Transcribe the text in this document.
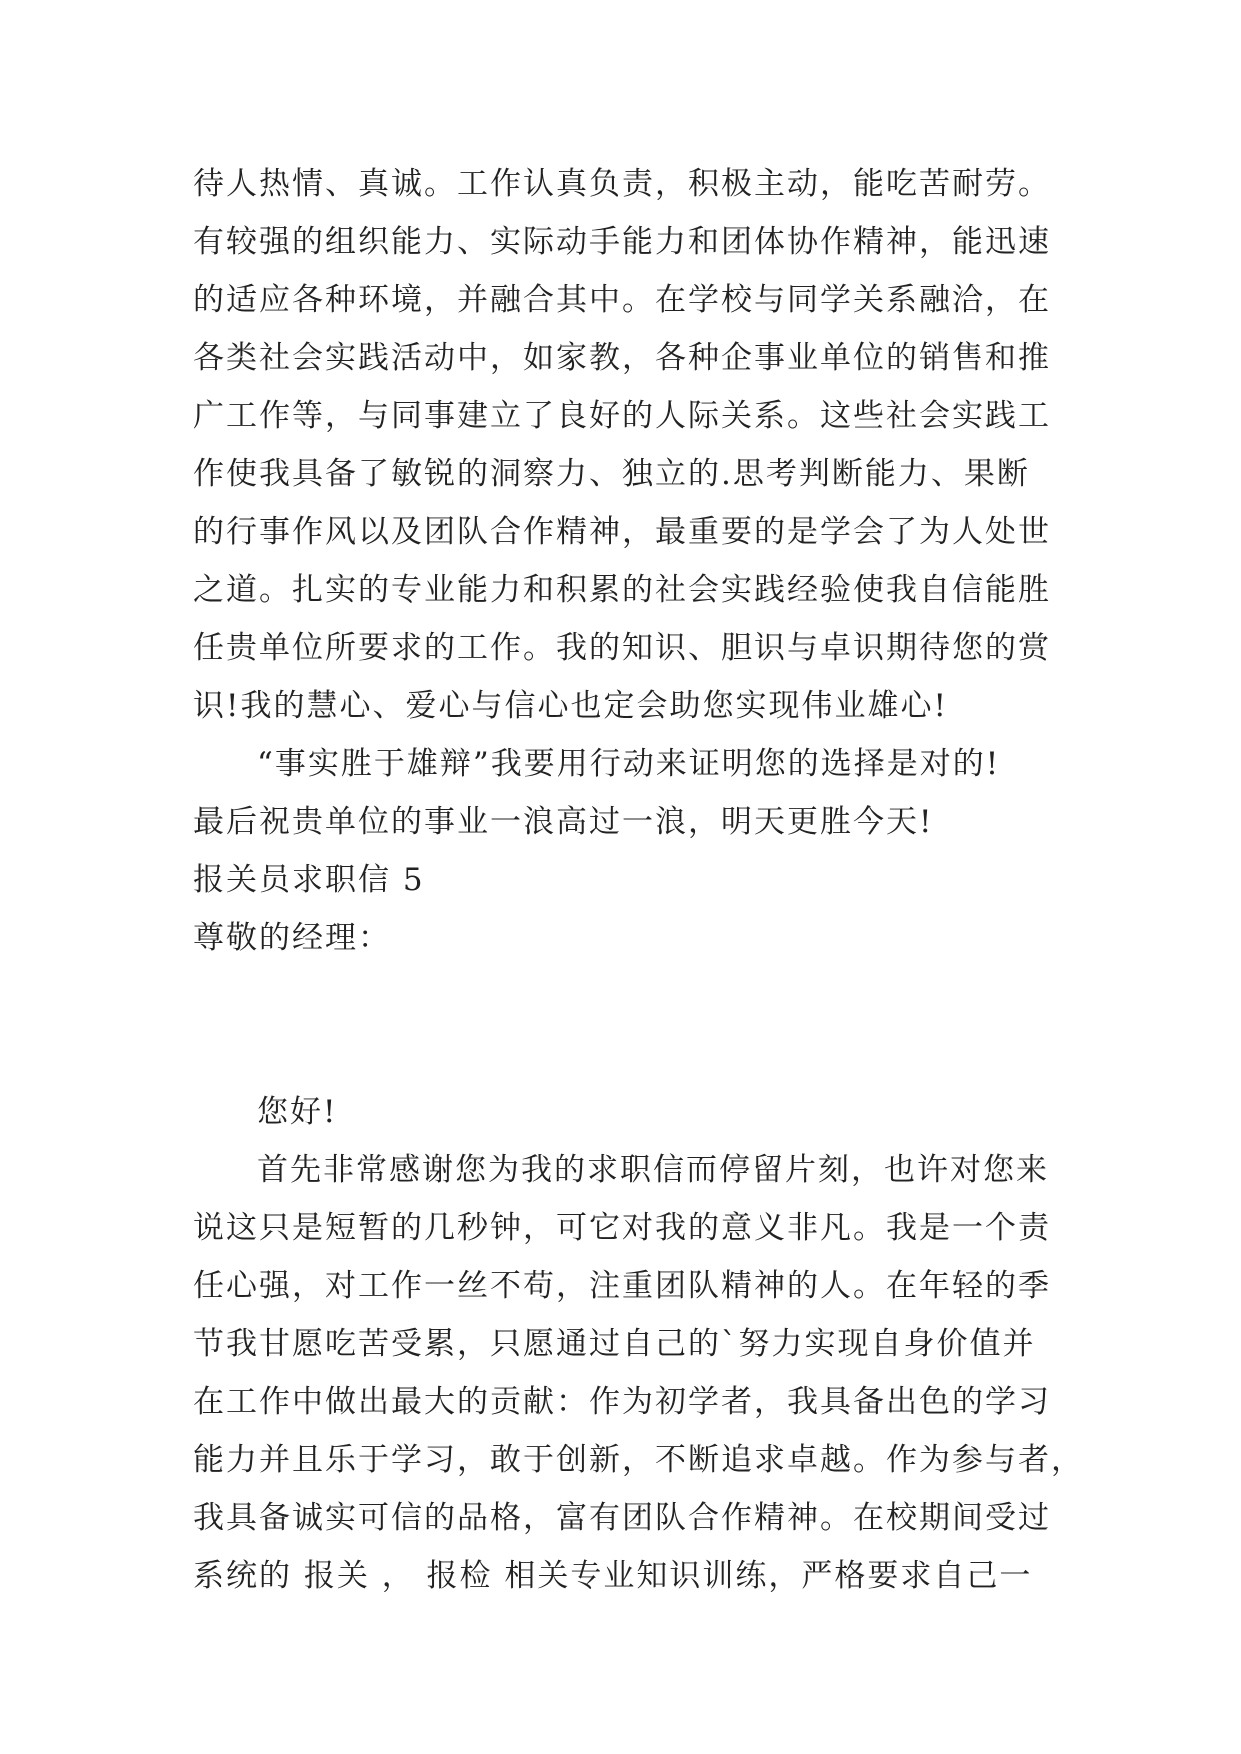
待人热情、真诚。工作认真负责，积极主动，能吃苦耐劳。
有较强的组织能力、实际动手能力和团体协作精神，能迅速
的适应各种环境，并融合其中。在学校与同学关系融洽，在
各类社会实践活动中，如家教，各种企事业单位的销售和推
广工作等，与同事建立了良好的人际关系。这些社会实践工
作使我具备了敏锐的洞察力、独立的.思考判断能力、果断
的行事作风以及团队合作精神，最重要的是学会了为人处世
之道。扎实的专业能力和积累的社会实践经验使我自信能胜
任贵单位所要求的工作。我的知识、胆识与卓识期待您的赏
识!我的慧心、爱心与信心也定会助您实现伟业雄心!
“事实胜于雄辩”我要用行动来证明您的选择是对的!
最后祝贵单位的事业一浪高过一浪，明天更胜今天!
报关员求职信 5
尊敬的经理：
您好!
首先非常感谢您为我的求职信而停留片刻，也许对您来
说这只是短暂的几秒钟，可它对我的意义非凡。我是一个责
任心强，对工作一丝不苟，注重团队精神的人。在年轻的季
节我甘愿吃苦受累，只愿通过自己的`努力实现自身价值并
在工作中做出最大的贡献：作为初学者，我具备出色的学习
能力并且乐于学习，敢于创新，不断追求卓越。作为参与者，
我具备诚实可信的品格，富有团队合作精神。在校期间受过
系统的 报关 ， 报检 相关专业知识训练，严格要求自己一
